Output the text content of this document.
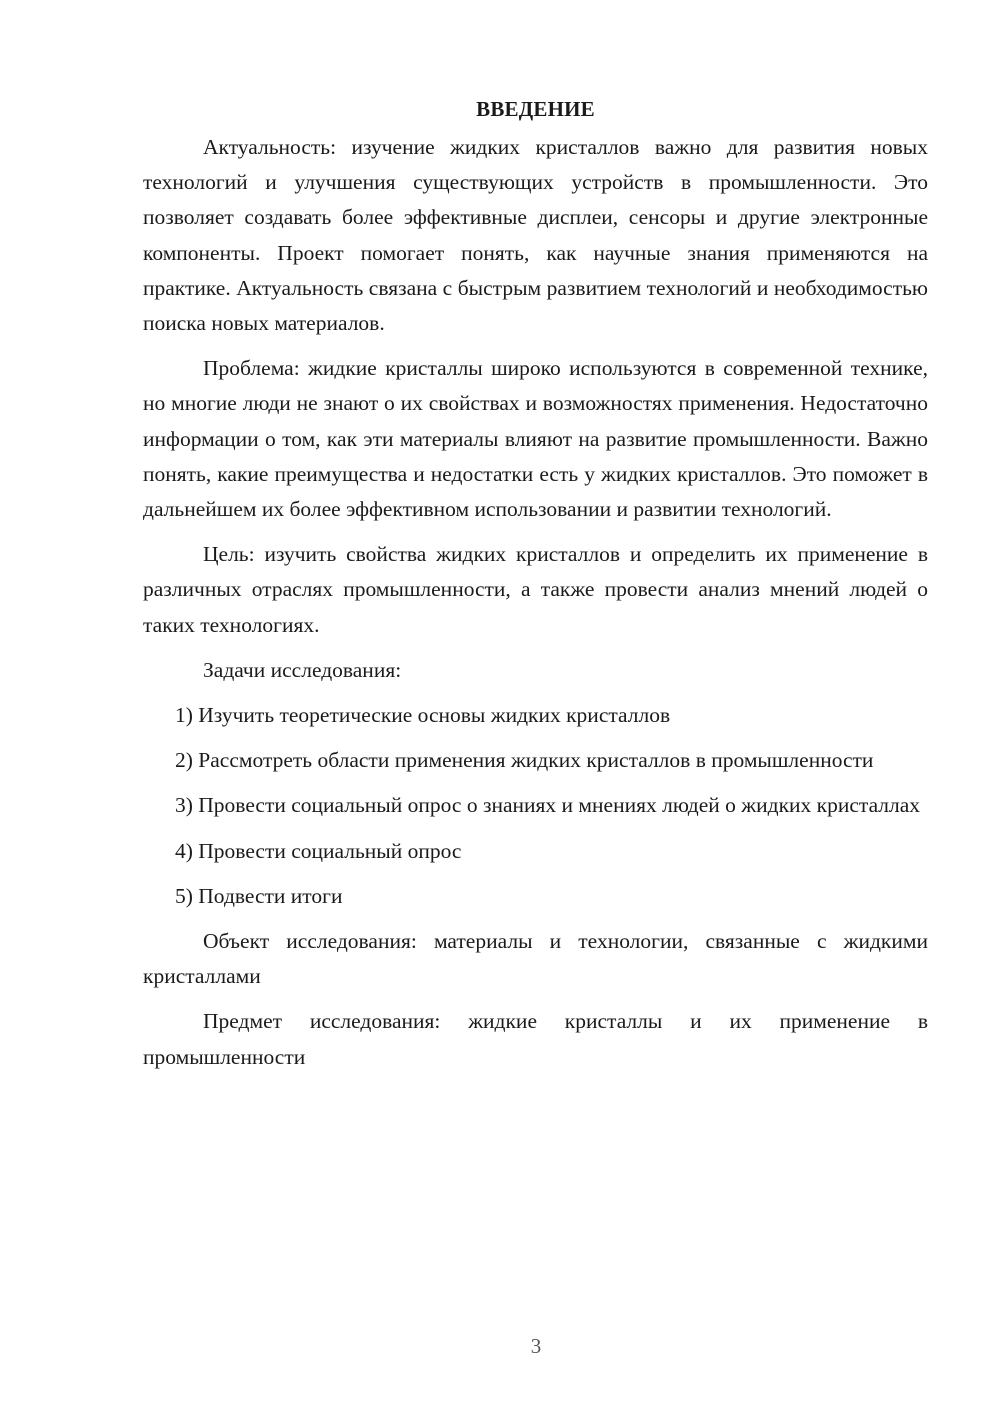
ВВЕДЕНИЕ

Актуальность: изучение жидких кристаллов важно для развития новых технологий и улучшения существующих устройств в промышленности. Это позволяет создавать более эффективные дисплеи, сенсоры и другие электронные компоненты. Проект помогает понять, как научные знания применяются на практике. Актуальность связана с быстрым развитием технологий и необходимостью поиска новых материалов.

Проблема: жидкие кристаллы широко используются в современной технике, но многие люди не знают о их свойствах и возможностях применения. Недостаточно информации о том, как эти материалы влияют на развитие промышленности. Важно понять, какие преимущества и недостатки есть у жидких кристаллов. Это поможет в дальнейшем их более эффективном использовании и развитии технологий.

Цель: изучить свойства жидких кристаллов и определить их применение в различных отраслях промышленности, а также провести анализ мнений людей о таких технологиях.

Задачи исследования:

1) Изучить теоретические основы жидких кристаллов

2) Рассмотреть области применения жидких кристаллов в промышленности

3) Провести социальный опрос о знаниях и мнениях людей о жидких кристаллах

4) Провести социальный опрос

5) Подвести итоги

Объект исследования: материалы и технологии, связанные с жидкими кристаллами

Предмет исследования: жидкие кристаллы и их применение в промышленности

3
